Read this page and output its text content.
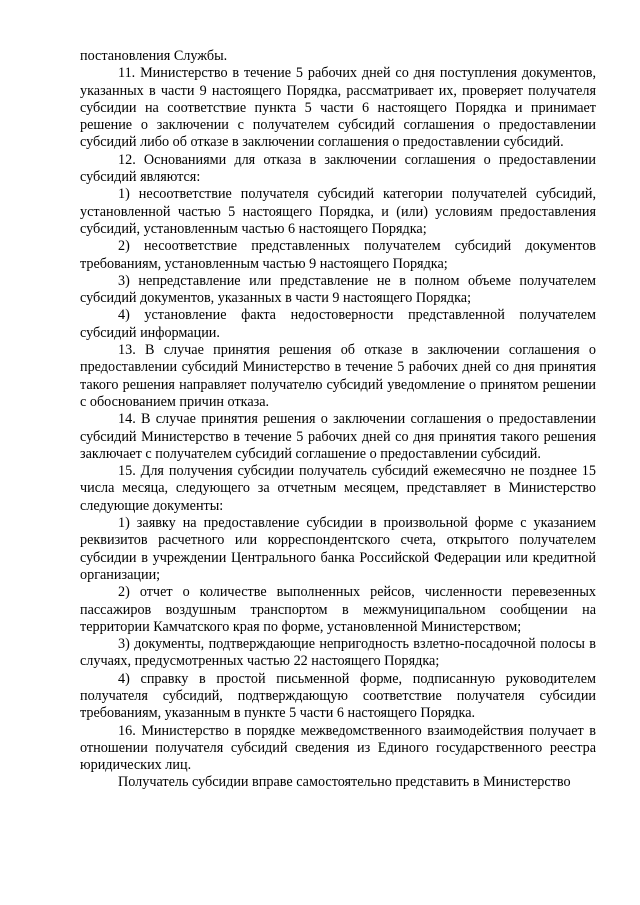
постановления Службы.

11. Министерство в течение 5 рабочих дней со дня поступления документов, указанных в части 9 настоящего Порядка, рассматривает их, проверяет получателя субсидии на соответствие пункта 5 части 6 настоящего Порядка и принимает решение о заключении с получателем субсидий соглашения о предоставлении субсидий либо об отказе в заключении соглашения о предоставлении субсидий.

12. Основаниями для отказа в заключении соглашения о предоставлении субсидий являются:

1) несоответствие получателя субсидий категории получателей субсидий, установленной частью 5 настоящего Порядка, и (или) условиям предоставления субсидий, установленным частью 6 настоящего Порядка;

2) несоответствие представленных получателем субсидий документов требованиям, установленным частью 9 настоящего Порядка;

3) непредставление или представление не в полном объеме получателем субсидий документов, указанных в части 9 настоящего Порядка;

4) установление факта недостоверности представленной получателем субсидий информации.

13. В случае принятия решения об отказе в заключении соглашения о предоставлении субсидий Министерство в течение 5 рабочих дней со дня принятия такого решения направляет получателю субсидий уведомление о принятом решении с обоснованием причин отказа.

14. В случае принятия решения о заключении соглашения о предоставлении субсидий Министерство в течение 5 рабочих дней со дня принятия такого решения заключает с получателем субсидий соглашение о предоставлении субсидий.

15. Для получения субсидии получатель субсидий ежемесячно не позднее 15 числа месяца, следующего за отчетным месяцем, представляет в Министерство следующие документы:

1) заявку на предоставление субсидии в произвольной форме с указанием реквизитов расчетного или корреспондентского счета, открытого получателем субсидии в учреждении Центрального банка Российской Федерации или кредитной организации;

2) отчет о количестве выполненных рейсов, численности перевезенных пассажиров воздушным транспортом в межмуниципальном сообщении на территории Камчатского края по форме, установленной Министерством;

3) документы, подтверждающие непригодность взлетно-посадочной полосы в случаях, предусмотренных частью 22 настоящего Порядка;

4) справку в простой письменной форме, подписанную руководителем получателя субсидий, подтверждающую соответствие получателя субсидии требованиям, указанным в пункте 5 части 6 настоящего Порядка.

16. Министерство в порядке межведомственного взаимодействия получает в отношении получателя субсидий сведения из Единого государственного реестра юридических лиц.

Получатель субсидии вправе самостоятельно представить в Министерство
